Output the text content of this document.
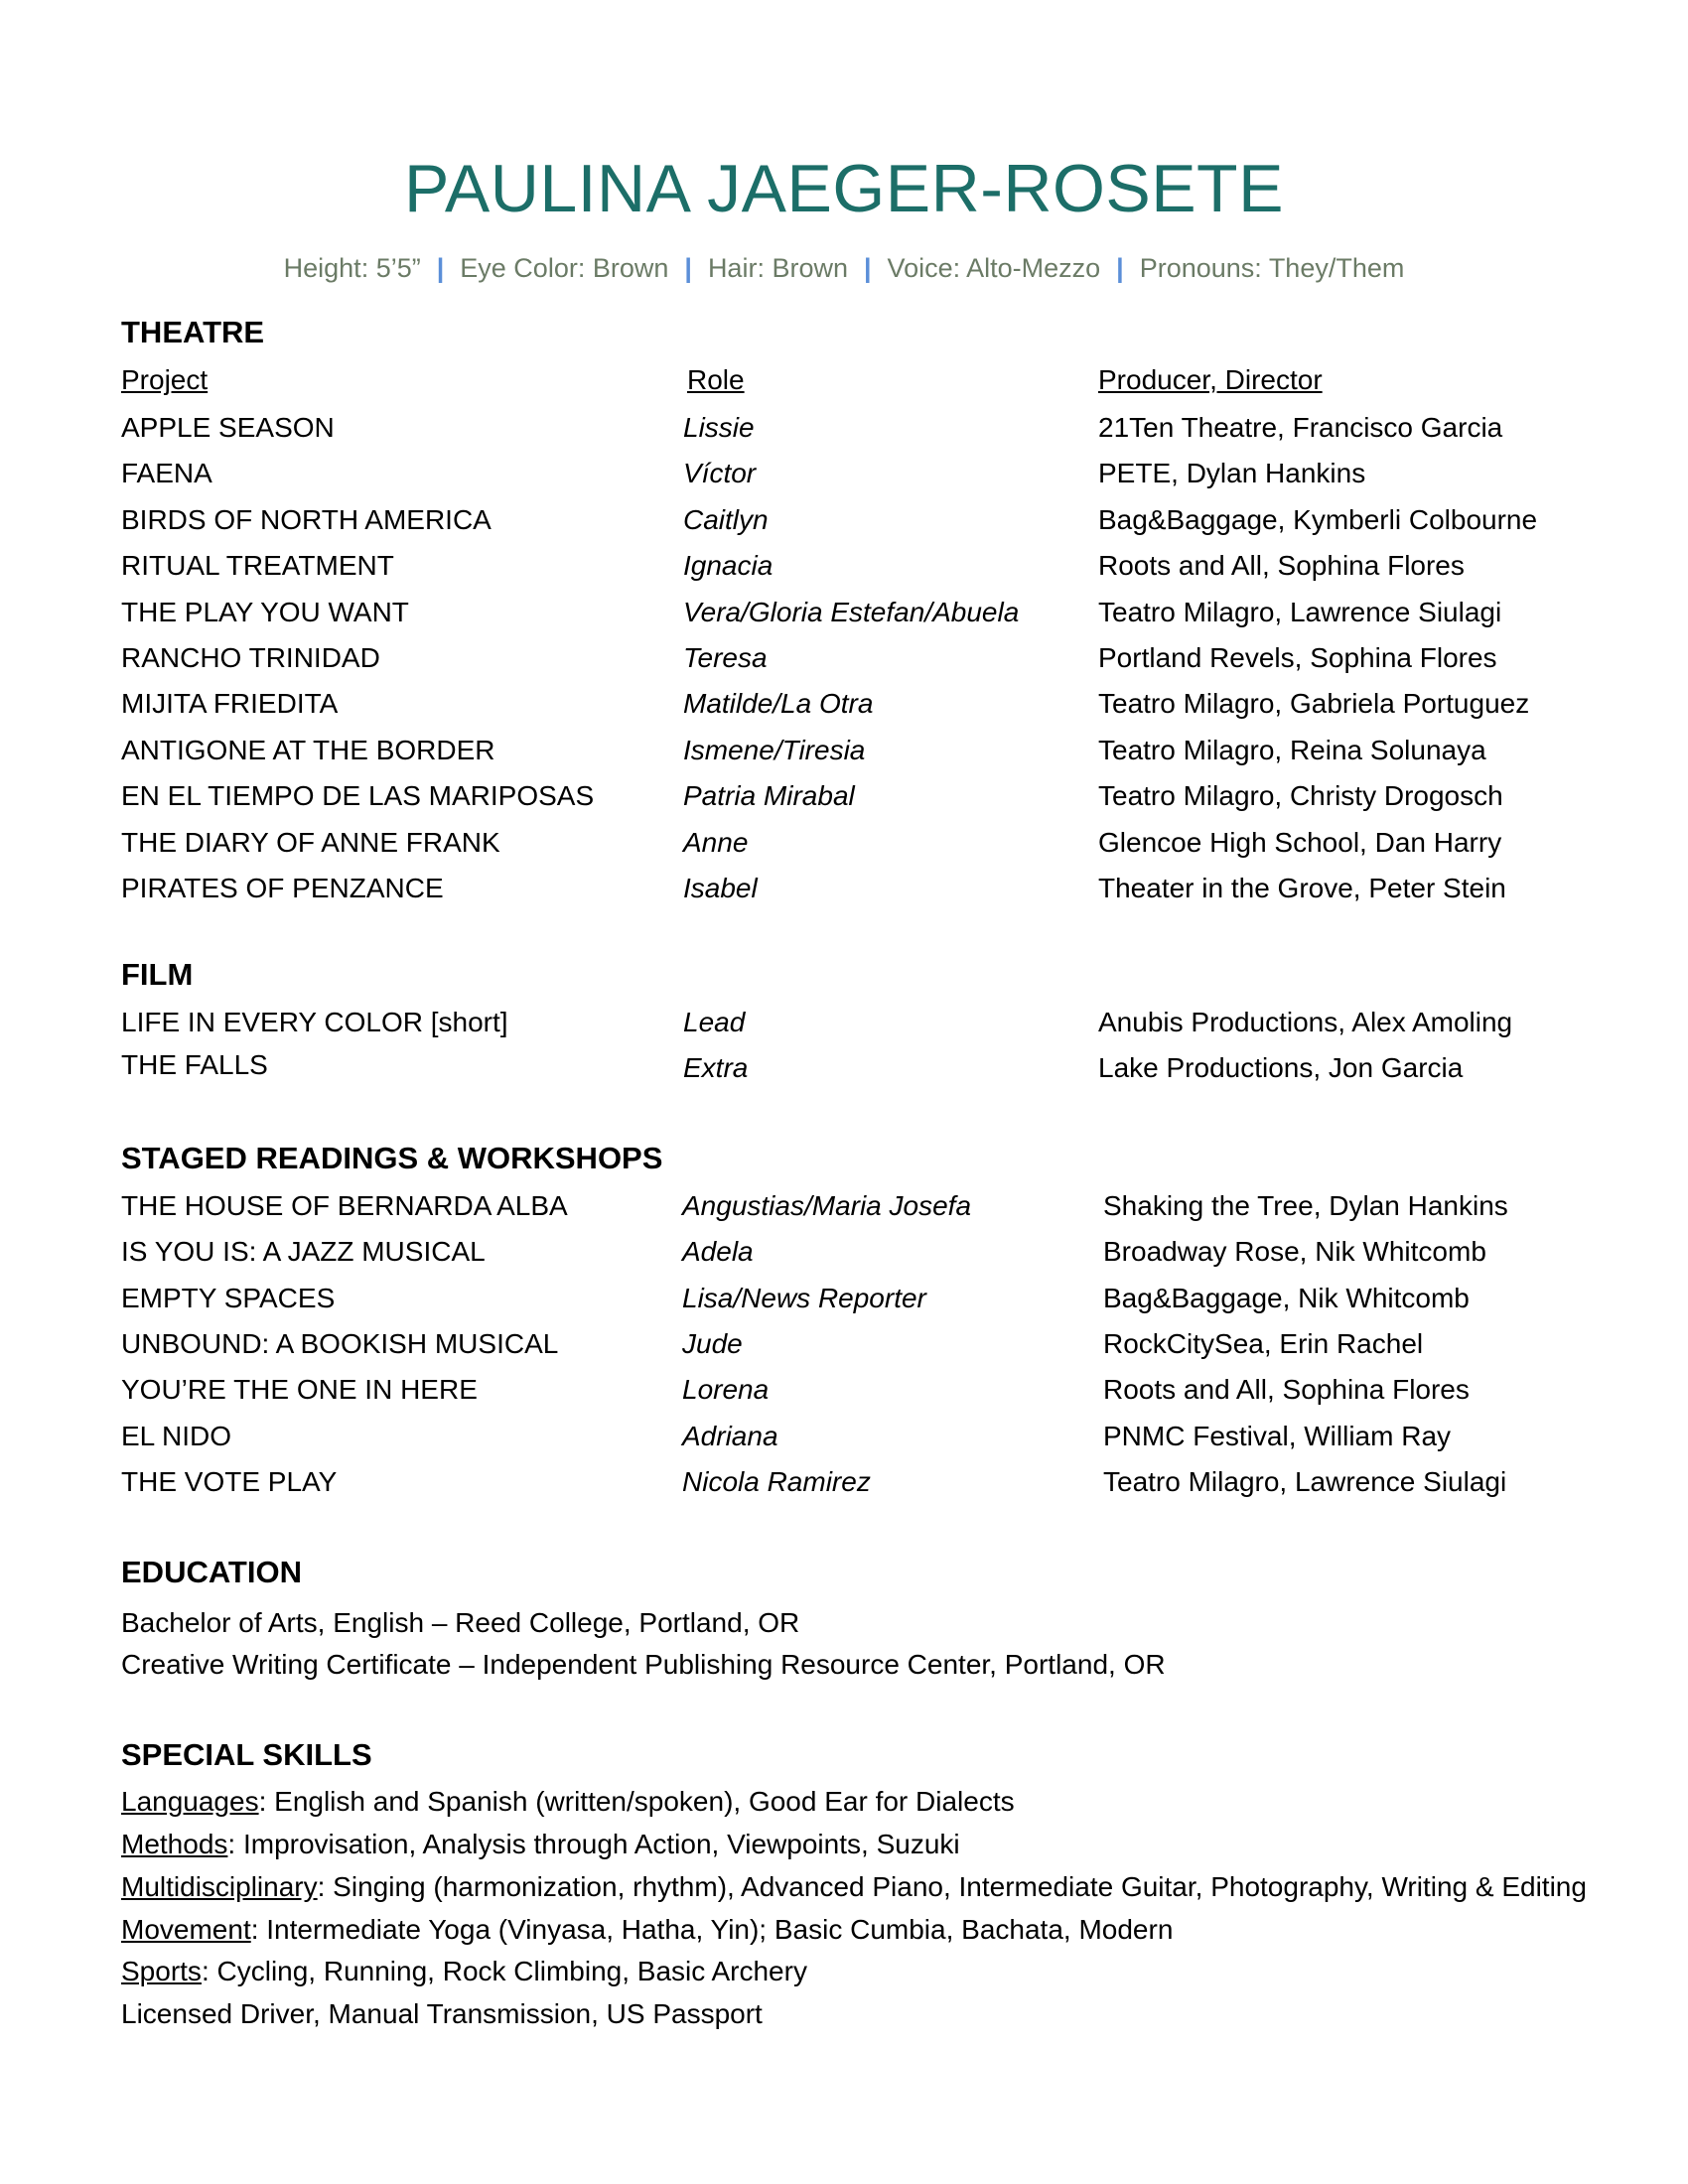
PAULINA JAEGER-ROSETE
Height: 5’5” | Eye Color: Brown | Hair: Brown | Voice: Alto-Mezzo | Pronouns: They/Them
THEATRE
Project	Role	Producer, Director
APPLE SEASON	Lissie	21Ten Theatre, Francisco Garcia
FAENA	Víctor	PETE, Dylan Hankins
BIRDS OF NORTH AMERICA	Caitlyn	Bag&Baggage, Kymberli Colbourne
RITUAL TREATMENT	Ignacia	Roots and All, Sophina Flores
THE PLAY YOU WANT	Vera/Gloria Estefan/Abuela	Teatro Milagro, Lawrence Siulagi
RANCHO TRINIDAD	Teresa	Portland Revels, Sophina Flores
MIJITA FRIEDITA	Matilde/La Otra	Teatro Milagro, Gabriela Portuguez
ANTIGONE AT THE BORDER	Ismene/Tiresia	Teatro Milagro, Reina Solunaya
EN EL TIEMPO DE LAS MARIPOSAS	Patria Mirabal	Teatro Milagro, Christy Drogosch
THE DIARY OF ANNE FRANK	Anne	Glencoe High School, Dan Harry
PIRATES OF PENZANCE	Isabel	Theater in the Grove, Peter Stein
FILM
LIFE IN EVERY COLOR [short]	Lead	Anubis Productions, Alex Amoling
THE FALLS	Extra	Lake Productions, Jon Garcia
STAGED READINGS & WORKSHOPS
THE HOUSE OF BERNARDA ALBA	Angustias/Maria Josefa	Shaking the Tree, Dylan Hankins
IS YOU IS: A JAZZ MUSICAL	Adela	Broadway Rose, Nik Whitcomb
EMPTY SPACES	Lisa/News Reporter	Bag&Baggage, Nik Whitcomb
UNBOUND: A BOOKISH MUSICAL	Jude	RockCitySea, Erin Rachel
YOU’RE THE ONE IN HERE	Lorena	Roots and All, Sophina Flores
EL NIDO	Adriana	PNMC Festival, William Ray
THE VOTE PLAY	Nicola Ramirez	Teatro Milagro, Lawrence Siulagi
EDUCATION
Bachelor of Arts, English – Reed College, Portland, OR
Creative Writing Certificate – Independent Publishing Resource Center, Portland, OR
SPECIAL SKILLS
Languages: English and Spanish (written/spoken), Good Ear for Dialects
Methods: Improvisation, Analysis through Action, Viewpoints, Suzuki
Multidisciplinary: Singing (harmonization, rhythm), Advanced Piano, Intermediate Guitar, Photography, Writing & Editing
Movement: Intermediate Yoga (Vinyasa, Hatha, Yin); Basic Cumbia, Bachata, Modern
Sports: Cycling, Running, Rock Climbing, Basic Archery
Licensed Driver, Manual Transmission, US Passport
